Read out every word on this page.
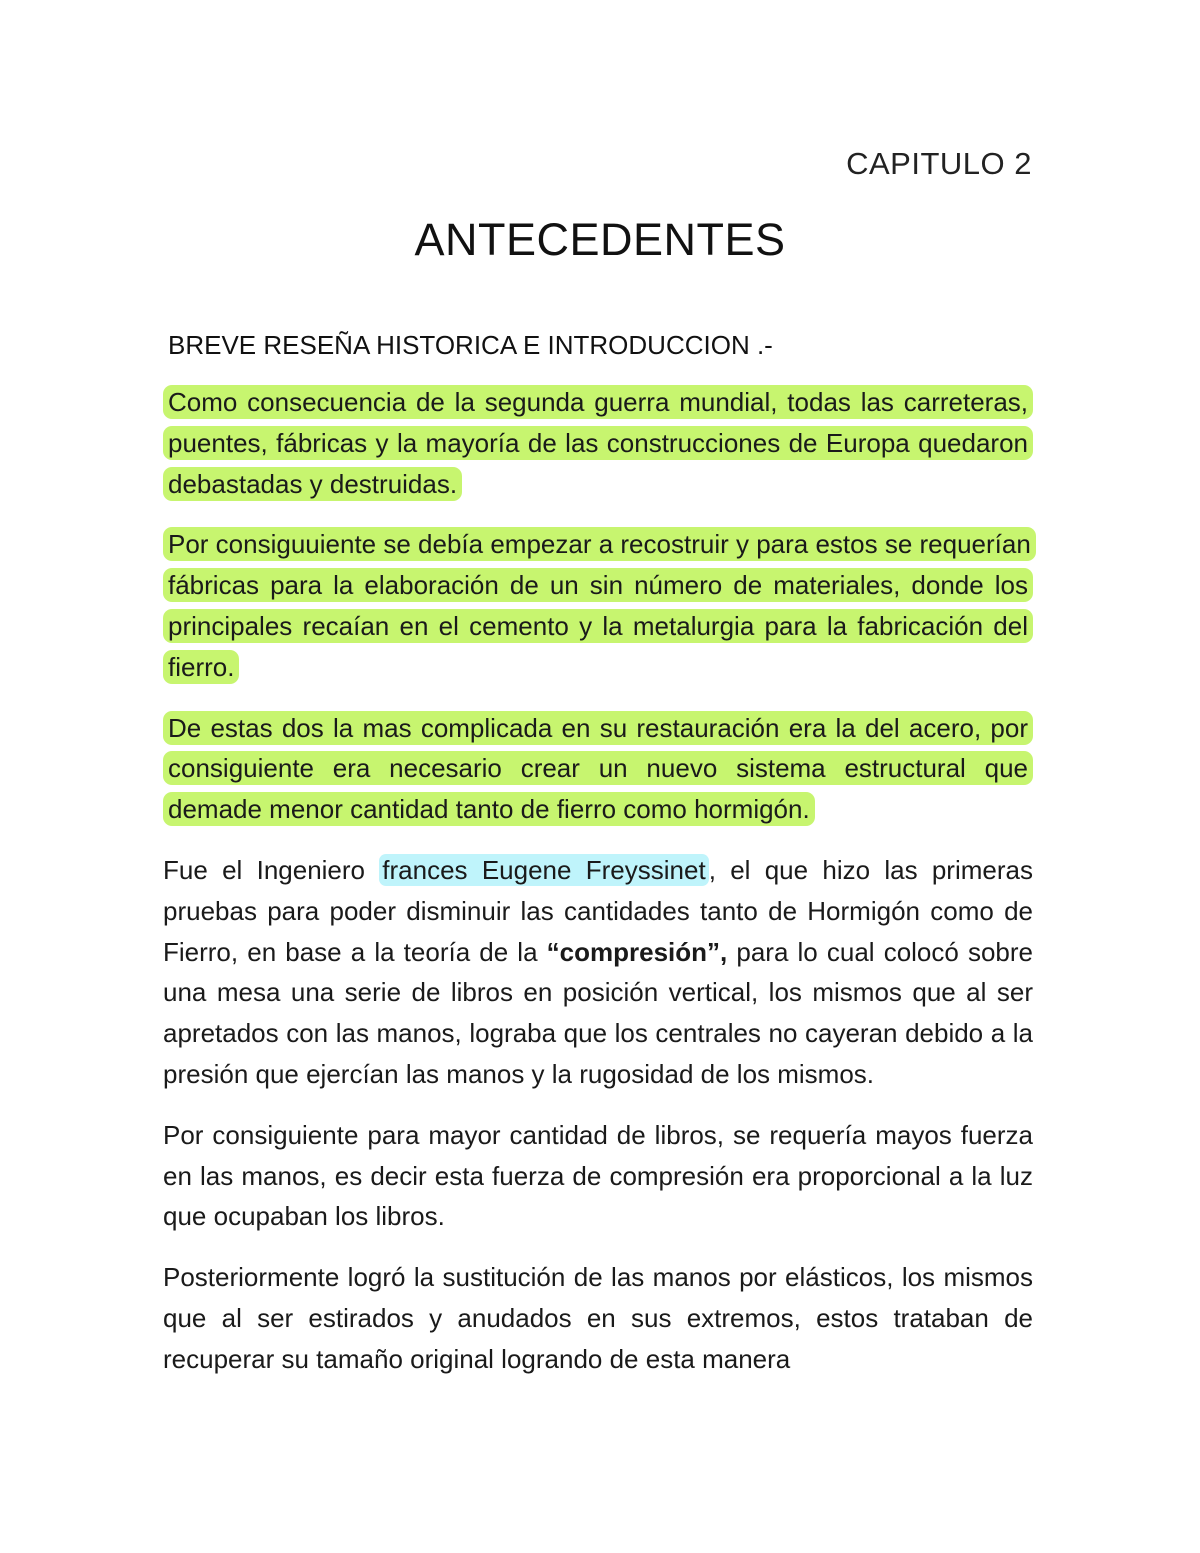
CAPITULO 2
ANTECEDENTES
BREVE RESEÑA HISTORICA E INTRODUCCION .-

Como consecuencia de la segunda guerra mundial, todas las carreteras, puentes, fábricas y la mayoría de las construcciones de Europa quedaron debastadas y destruidas.

Por consiguuiente se debía empezar a recostruir y para estos se requerían fábricas para la elaboración de un sin número de materiales, donde los principales recaían en el cemento y la metalurgia para la fabricación del fierro.

De estas dos la mas complicada en su restauración era la del acero, por consiguiente era necesario crear un nuevo sistema estructural que demade menor cantidad tanto de fierro como hormigón.

Fue el Ingeniero frances Eugene Freyssinet , el que hizo las primeras pruebas para poder disminuir las cantidades tanto de Hormigón como de Fierro, en base a la teoría de la “compresión”, para lo cual colocó sobre una mesa una serie de libros en posición vertical, los mismos que al ser apretados con las manos, lograba que los centrales no cayeran debido a la presión que ejercían las manos y la rugosidad de los mismos.

Por consiguiente para mayor cantidad de libros, se requería mayos fuerza en las manos, es decir esta fuerza de compresión era proporcional a la luz que ocupaban los libros.

Posteriormente logró la sustitución de las manos por elásticos, los mismos que al ser estirados y anudados en sus extremos, estos trataban de recuperar su tamaño original logrando de esta manera
